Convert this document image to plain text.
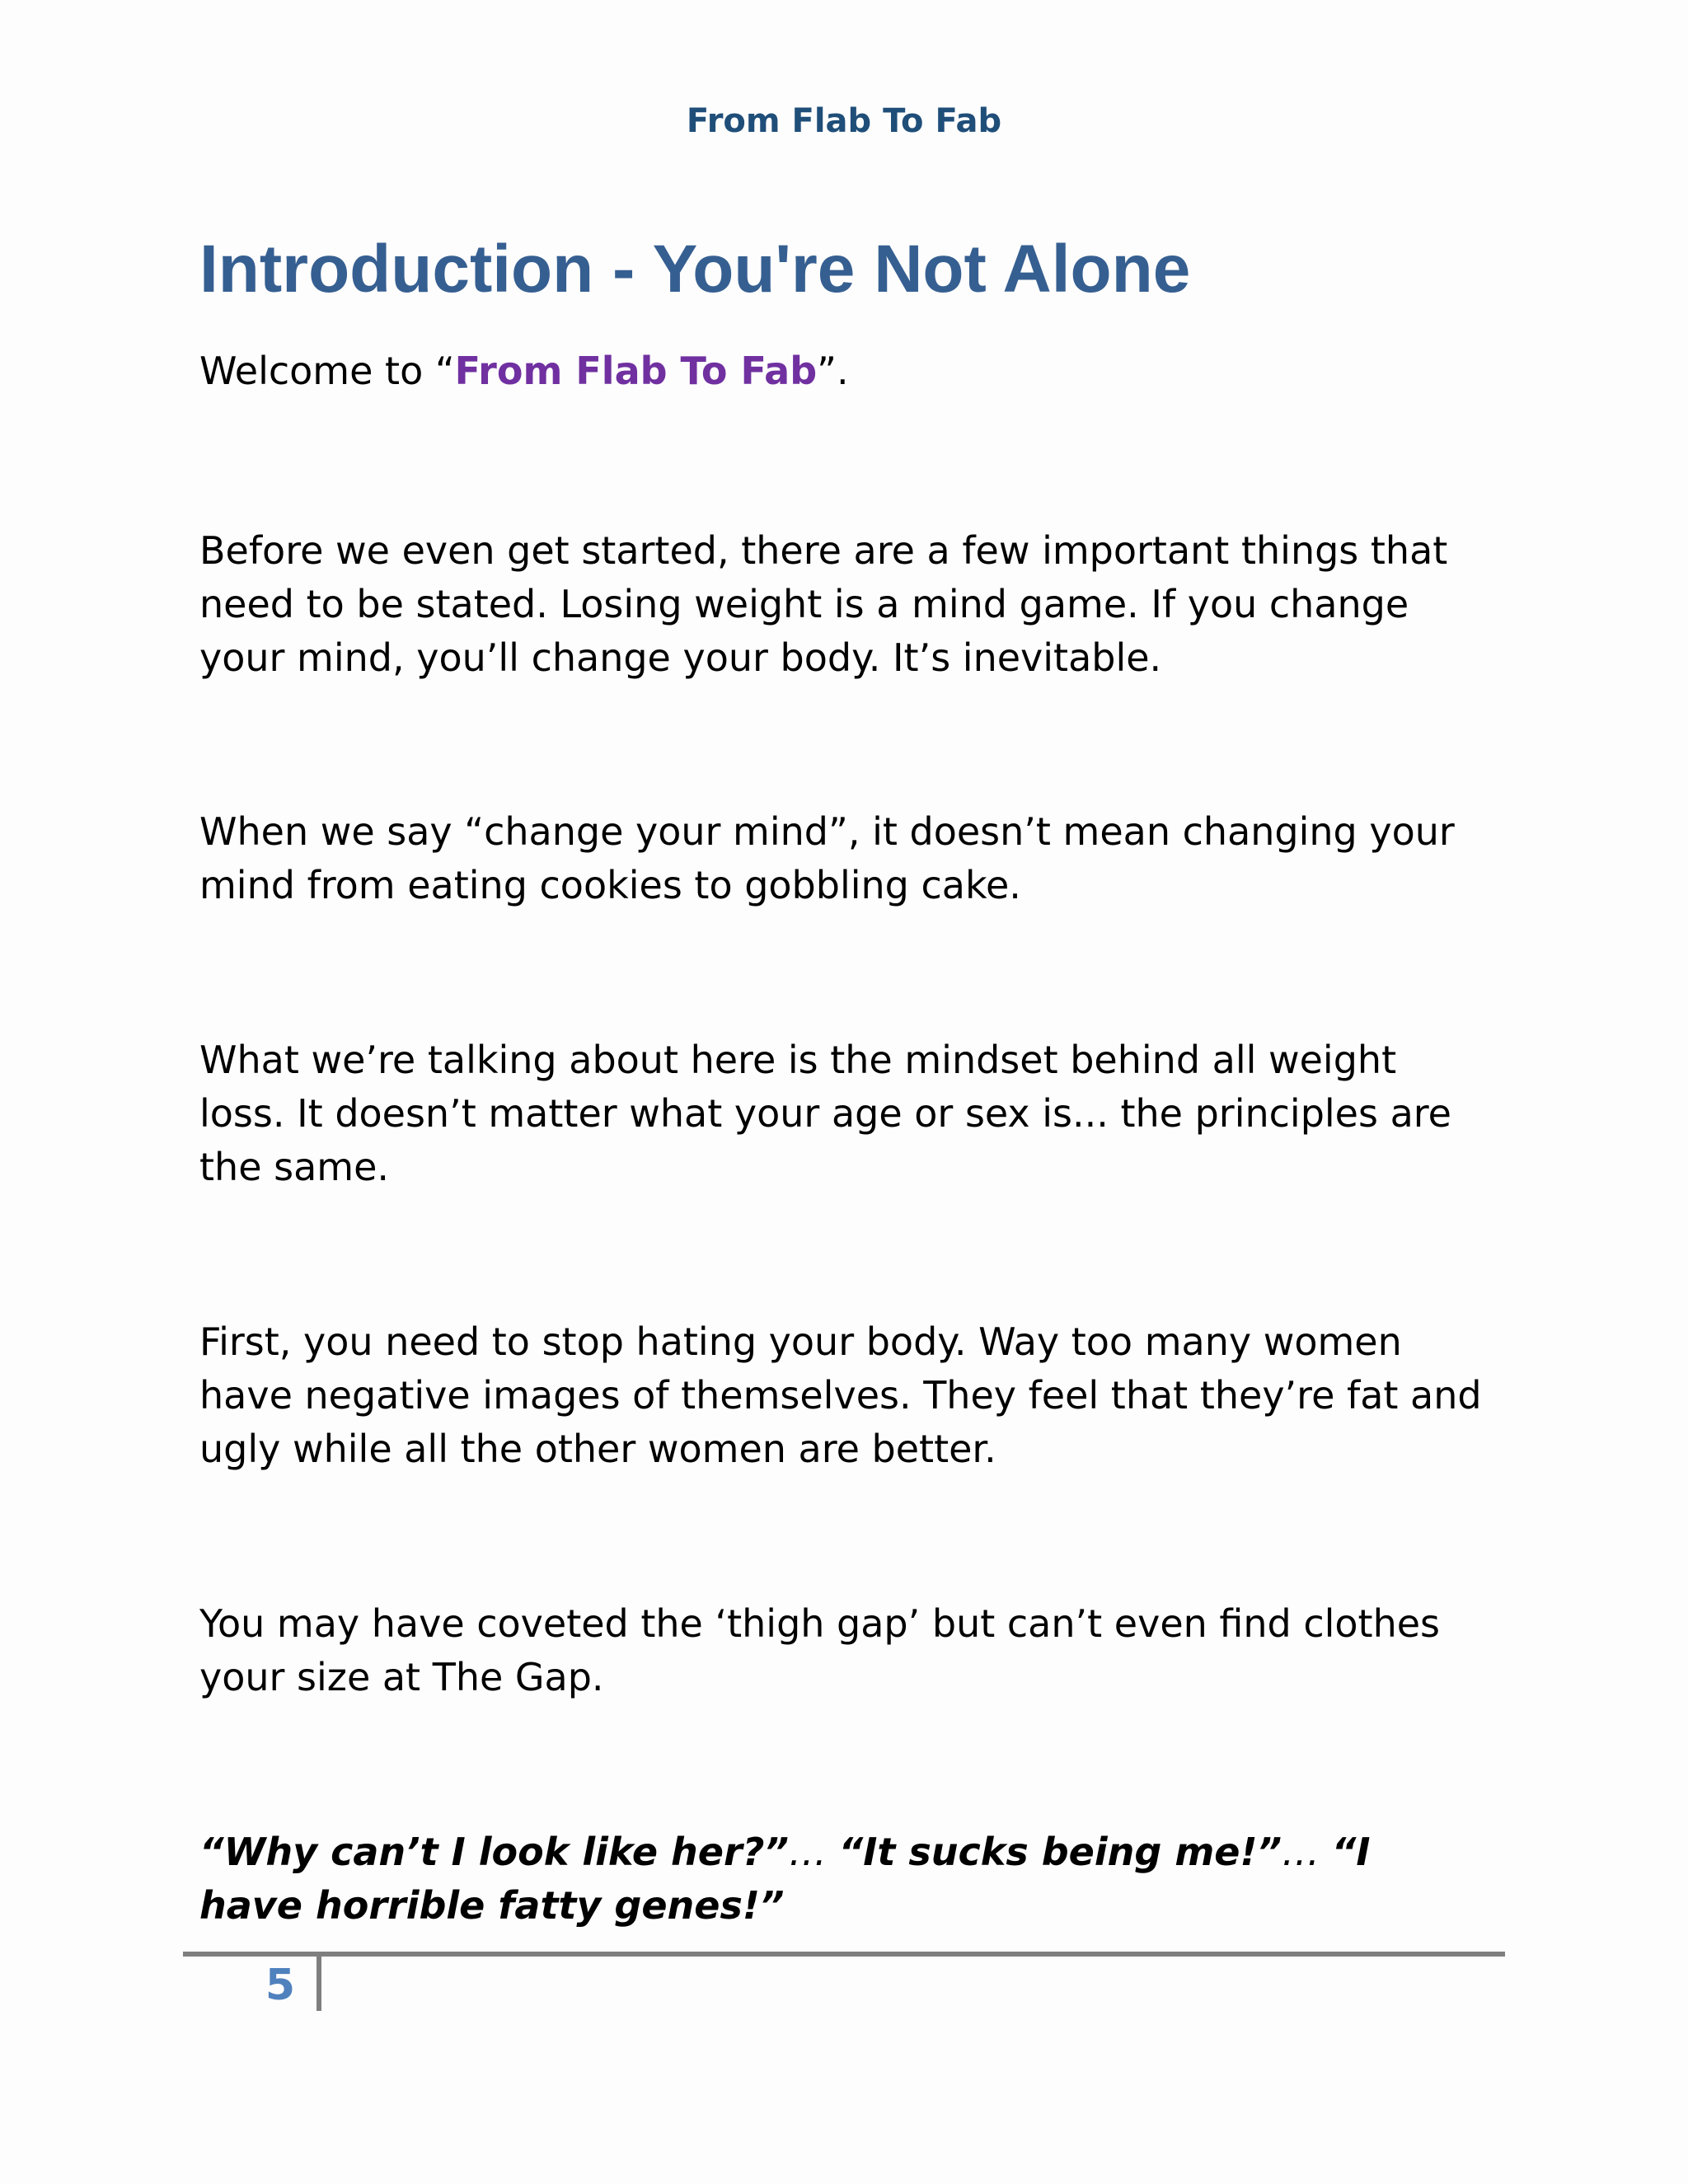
From Flab To Fab
Introduction - You're Not Alone

Welcome to “From Flab To Fab”.

Before we even get started, there are a few important things that need to be stated. Losing weight is a mind game. If you change your mind, you’ll change your body. It’s inevitable.

When we say “change your mind”, it doesn’t mean changing your mind from eating cookies to gobbling cake.

What we’re talking about here is the mindset behind all weight loss. It doesn’t matter what your age or sex is... the principles are the same.

First, you need to stop hating your body. Way too many women have negative images of themselves. They feel that they’re fat and ugly while all the other women are better.

You may have coveted the ‘thigh gap’ but can’t even find clothes your size at The Gap.

“Why can’t I look like her?”… “It sucks being me!”… “I have horrible fatty genes!”

5
